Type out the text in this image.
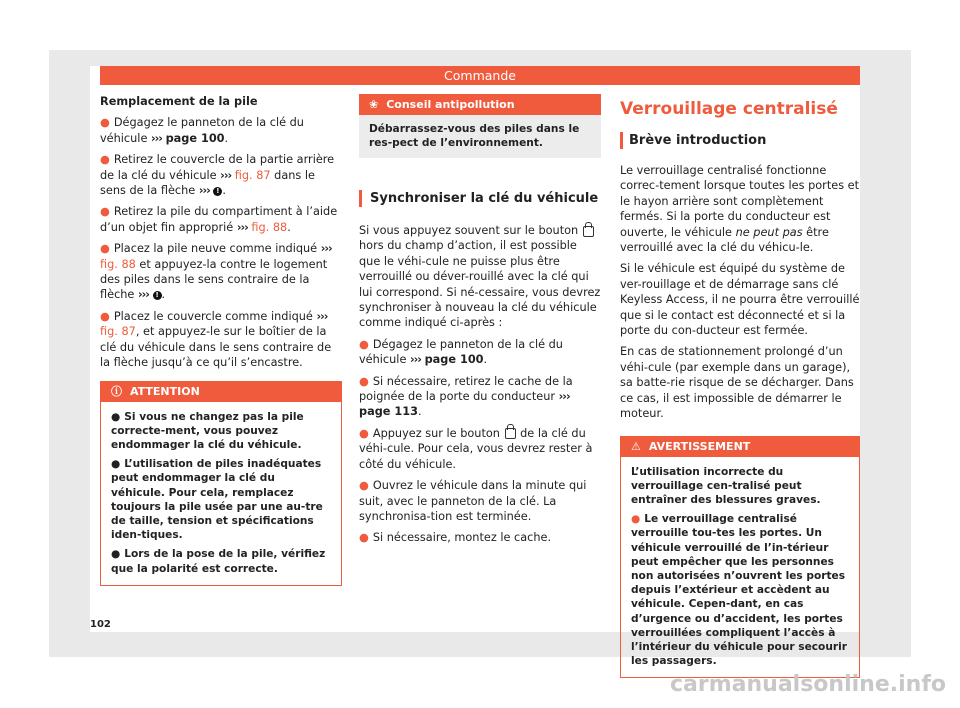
Commande

Remplacement de la pile

● Dégagez le panneton de la clé du véhicule ››› page 100.

● Retirez le couvercle de la partie arrière de la clé du véhicule ››› fig. 87 dans le sens de la flèche ››› ! .

● Retirez la pile du compartiment à l’aide d’un objet fin approprié ››› fig. 88.

● Placez la pile neuve comme indiqué ››› fig. 88 et appuyez-la contre le logement des piles dans le sens contraire de la flèche ››› ! .

● Placez le couvercle comme indiqué ››› fig. 87, et appuyez-le sur le boîtier de la clé du véhicule dans le sens contraire de la flèche jusqu’à ce qu’il s’encastre.

ⓘ ATTENTION

● Si vous ne changez pas la pile correcte-ment, vous pouvez endommager la clé du véhicule.

● L’utilisation de piles inadéquates peut endommager la clé du véhicule. Pour cela, remplacez toujours la pile usée par une au-tre de taille, tension et spécifications iden-tiques.

● Lors de la pose de la pile, vérifiez que la polarité est correcte.

❀ Conseil antipollution
Débarrassez-vous des piles dans le res-pect de l’environnement.
Synchroniser la clé du véhicule

Si vous appuyez souvent sur le bouton  hors du champ d’action, il est possible que le véhi-cule ne puisse plus être verrouillé ou déver-rouillé avec la clé qui lui correspond. Si né-cessaire, vous devrez synchroniser à nouveau la clé du véhicule comme indiqué ci-après :

● Dégagez le panneton de la clé du véhicule ››› page 100.

● Si nécessaire, retirez le cache de la poignée de la porte du conducteur ››› page 113.

● Appuyez sur le bouton de la clé du véhi-cule. Pour cela, vous devrez rester à côté du véhicule.

● Ouvrez le véhicule dans la minute qui suit, avec le panneton de la clé. La synchronisa-tion est terminée.

● Si nécessaire, montez le cache.

Verrouillage centralisé
Brève introduction

Le verrouillage centralisé fonctionne correc-tement lorsque toutes les portes et le hayon arrière sont complètement fermés. Si la porte du conducteur est ouverte, le véhicule ne peut pas être verrouillé avec la clé du véhicu-le.

Si le véhicule est équipé du système de ver-rouillage et de démarrage sans clé Keyless Access, il ne pourra être verrouillé que si le contact est déconnecté et si la porte du con-ducteur est fermée.

En cas de stationnement prolongé d’un véhi-cule (par exemple dans un garage), sa batte-rie risque de se décharger. Dans ce cas, il est impossible de démarrer le moteur.

⚠ AVERTISSEMENT

L’utilisation incorrecte du verrouillage cen-tralisé peut entraîner des blessures graves.

● Le verrouillage centralisé verrouille tou-tes les portes. Un véhicule verrouillé de l’in-térieur peut empêcher que les personnes non autorisées n’ouvrent les portes depuis l’extérieur et accèdent au véhicule. Cepen-dant, en cas d’urgence ou d’accident, les portes verrouillées compliquent l’accès à l’intérieur du véhicule pour secourir les passagers.

102
carmanualsonline.info
